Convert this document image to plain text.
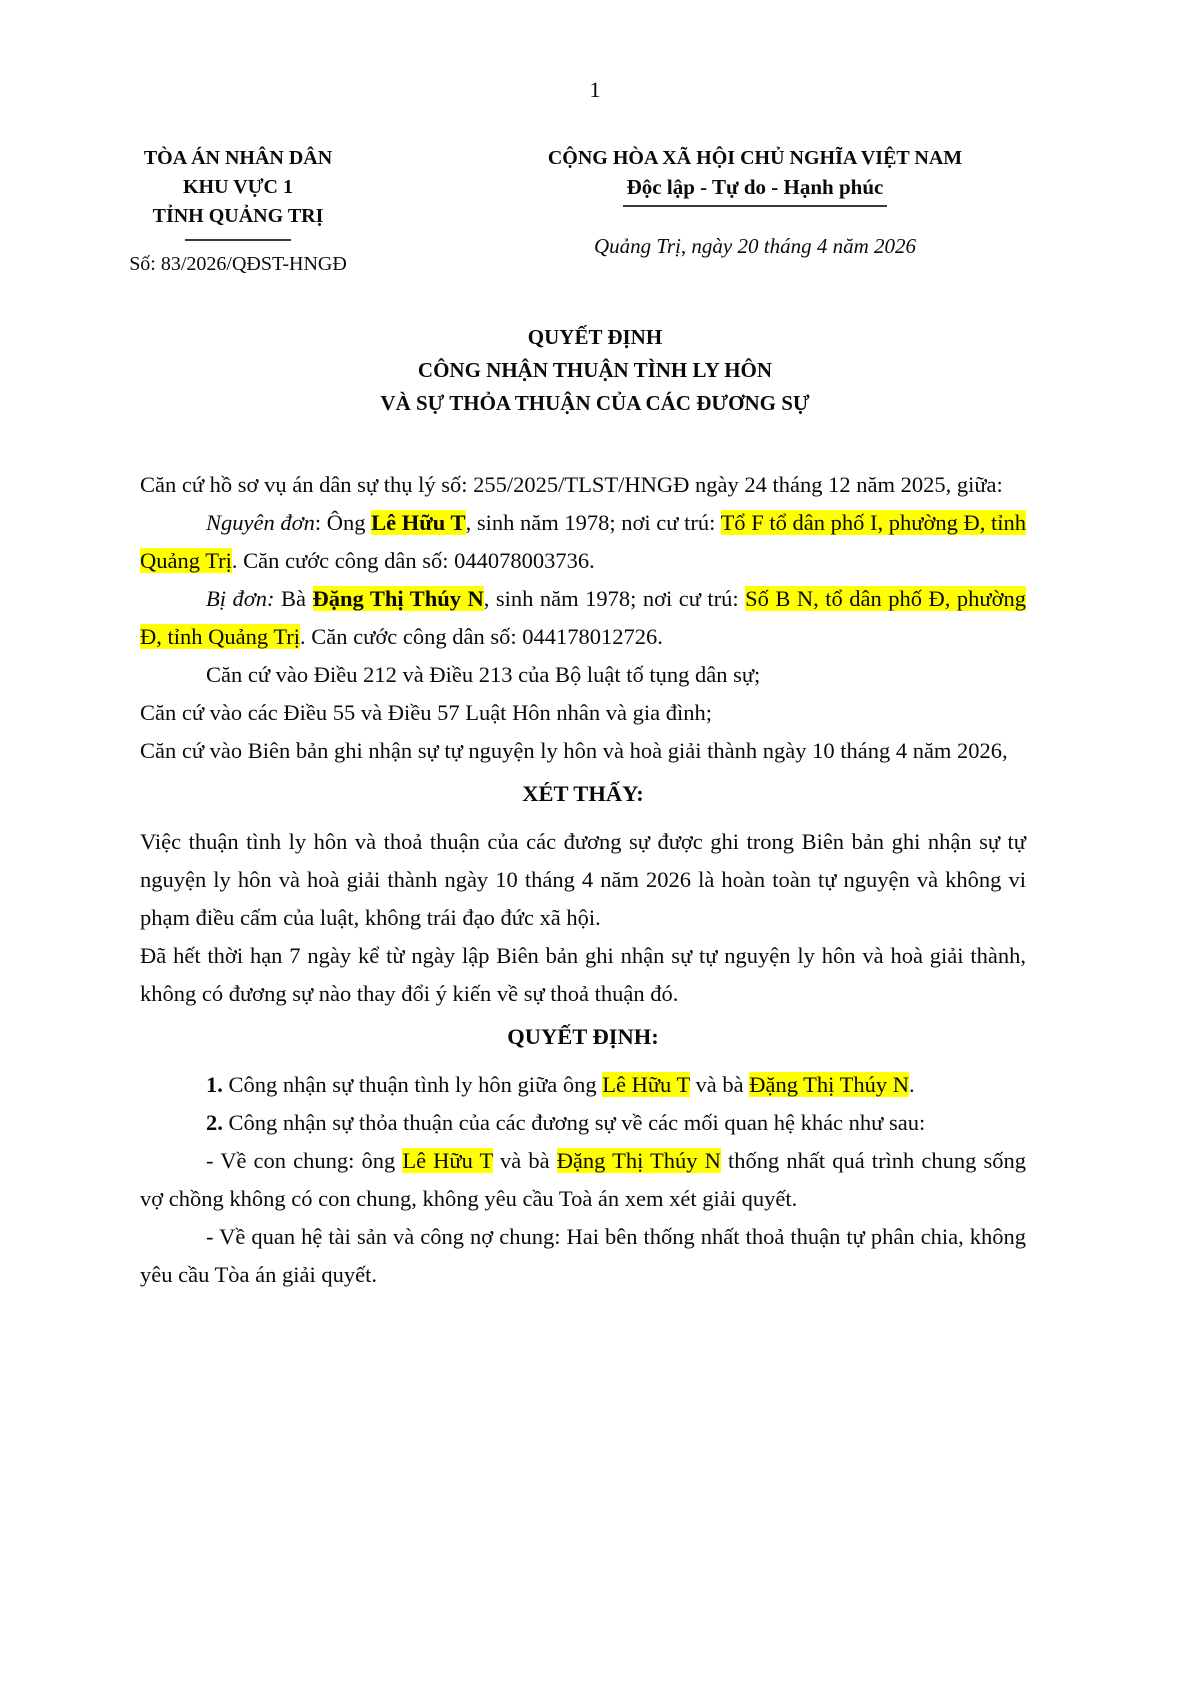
1
TÒA ÁN NHÂN DÂN
KHU VỰC 1
TỈNH QUẢNG TRỊ
Số: 83/2026/QĐST-HNGĐ
CỘNG HÒA XÃ HỘI CHỦ NGHĨA VIỆT NAM
Độc lập - Tự do - Hạnh phúc
Quảng Trị, ngày 20 tháng 4 năm 2026
QUYẾT ĐỊNH
CÔNG NHẬN THUẬN TÌNH LY HÔN
VÀ SỰ THỎA THUẬN CỦA CÁC ĐƯƠNG SỰ

Căn cứ hồ sơ vụ án dân sự thụ lý số: 255/2025/TLST/HNGĐ ngày 24 tháng 12 năm 2025, giữa:

Nguyên đơn: Ông Lê Hữu T, sinh năm 1978; nơi cư trú: Tổ F tổ dân phố I, phường Đ, tỉnh Quảng Trị. Căn cước công dân số: 044078003736.

Bị đơn: Bà Đặng Thị Thúy N, sinh năm 1978; nơi cư trú: Số B N, tổ dân phố Đ, phường Đ, tỉnh Quảng Trị. Căn cước công dân số: 044178012726.

Căn cứ vào Điều 212 và Điều 213 của Bộ luật tố tụng dân sự;

Căn cứ vào các Điều 55 và Điều 57 Luật Hôn nhân và gia đình;

Căn cứ vào Biên bản ghi nhận sự tự nguyện ly hôn và hoà giải thành ngày 10 tháng 4 năm 2026,

XÉT THẤY:

Việc thuận tình ly hôn và thoả thuận của các đương sự được ghi trong Biên bản ghi nhận sự tự nguyện ly hôn và hoà giải thành ngày 10 tháng 4 năm 2026 là hoàn toàn tự nguyện và không vi phạm điều cấm của luật, không trái đạo đức xã hội.

Đã hết thời hạn 7 ngày kể từ ngày lập Biên bản ghi nhận sự tự nguyện ly hôn và hoà giải thành, không có đương sự nào thay đổi ý kiến về sự thoả thuận đó.

QUYẾT ĐỊNH:

1. Công nhận sự thuận tình ly hôn giữa ông Lê Hữu T và bà Đặng Thị Thúy N.

2. Công nhận sự thỏa thuận của các đương sự về các mối quan hệ khác như sau:

- Về con chung: ông Lê Hữu T và bà Đặng Thị Thúy N thống nhất quá trình chung sống vợ chồng không có con chung, không yêu cầu Toà án xem xét giải quyết.

- Về quan hệ tài sản và công nợ chung: Hai bên thống nhất thoả thuận tự phân chia, không yêu cầu Tòa án giải quyết.
